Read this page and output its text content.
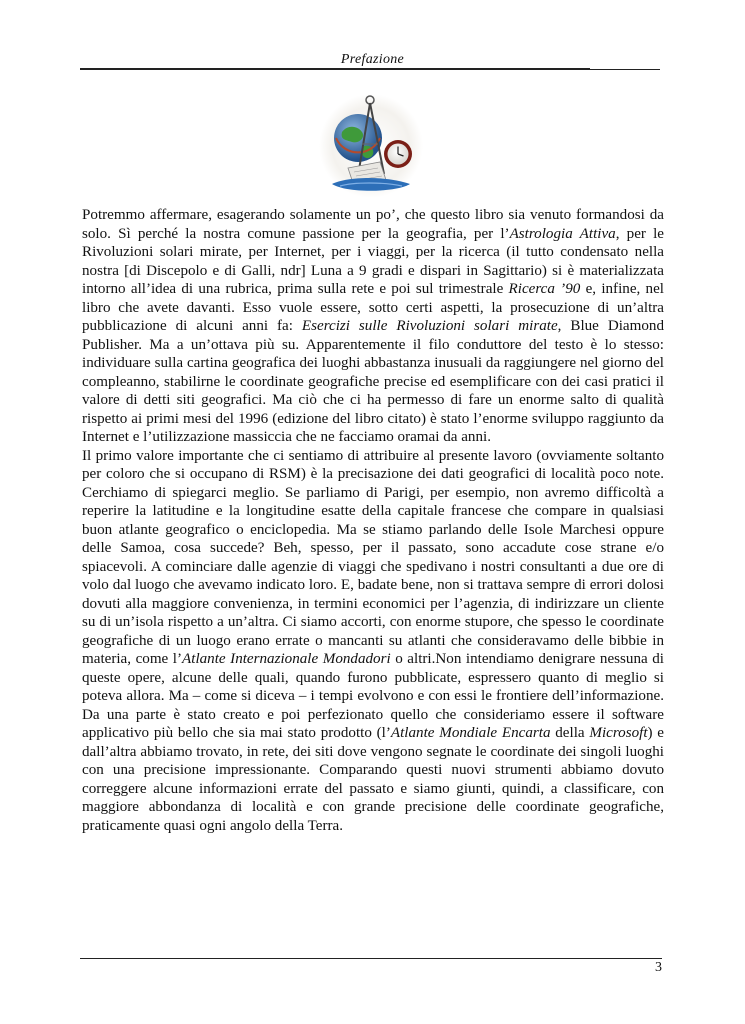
Prefazione

Potremmo affermare, esagerando solamente un po’, che questo libro sia venuto formandosi da solo. Sì perché la nostra comune passione per la geografia, per l’Astrologia Attiva, per le Rivoluzioni solari mirate, per Internet, per i viaggi, per la ricerca (il tutto condensato nella nostra [di Discepolo e di Galli, ndr] Luna a 9 gradi e dispari in Sagittario) si è materializzata intorno all’idea di una rubrica, prima sulla rete e poi sul trimestrale Ricerca ’90 e, infine, nel libro che avete davanti. Esso vuole essere, sotto certi aspetti, la prosecuzione di un’altra pubblicazione di alcuni anni fa: Esercizi sulle Rivoluzioni solari mirate, Blue Diamond Publisher. Ma a un’ottava più su. Apparentemente il filo conduttore del testo è lo stesso: individuare sulla cartina geografica dei luoghi abbastanza inusuali da raggiungere nel giorno del compleanno, stabilirne le coordinate geografiche precise ed esemplificare con dei casi pratici il valore di detti siti geografici. Ma ciò che ci ha permesso di fare un enorme salto di qualità rispetto ai primi mesi del 1996 (edizione del libro citato) è stato l’enorme sviluppo raggiunto da Internet e l’utilizzazione massiccia che ne facciamo oramai da anni.

Il primo valore importante che ci sentiamo di attribuire al presente lavoro (ovviamente soltanto per coloro che si occupano di RSM) è la precisazione dei dati geografici di località poco note. Cerchiamo di spiegarci meglio. Se parliamo di Parigi, per esempio, non avremo difficoltà a reperire la latitudine e la longitudine esatte della capitale francese che compare in qualsiasi buon atlante geografico o enciclopedia. Ma se stiamo parlando delle Isole Marchesi oppure delle Samoa, cosa succede? Beh, spesso, per il passato, sono accadute cose strane e/o spiacevoli. A cominciare dalle agenzie di viaggi che spedivano i nostri consultanti a due ore di volo dal luogo che avevamo indicato loro. E, badate bene, non si trattava sempre di errori dolosi dovuti alla maggiore convenienza, in termini economici per l’agenzia, di indirizzare un cliente su di un’isola rispetto a un’altra. Ci siamo accorti, con enorme stupore, che spesso le coordinate geografiche di un luogo erano errate o mancanti su atlanti che consideravamo delle bibbie in materia, come l’Atlante Internazionale Mondadori o altri.Non intendiamo denigrare nessuna di queste opere, alcune delle quali, quando furono pubblicate, espressero quanto di meglio si poteva allora. Ma – come si diceva – i tempi evolvono e con essi le frontiere dell’informazione. Da una parte è stato creato e poi perfezionato quello che consideriamo essere il software applicativo più bello che sia mai stato prodotto (l’Atlante Mondiale Encarta della Microsoft) e dall’altra abbiamo trovato, in rete, dei siti dove vengono segnate le coordinate dei singoli luoghi con una precisione impressionante. Comparando questi nuovi strumenti abbiamo dovuto correggere alcune informazioni errate del passato e siamo giunti, quindi, a classificare, con maggiore abbondanza di località e con grande precisione delle coordinate geografiche, praticamente quasi ogni angolo della Terra.

3
